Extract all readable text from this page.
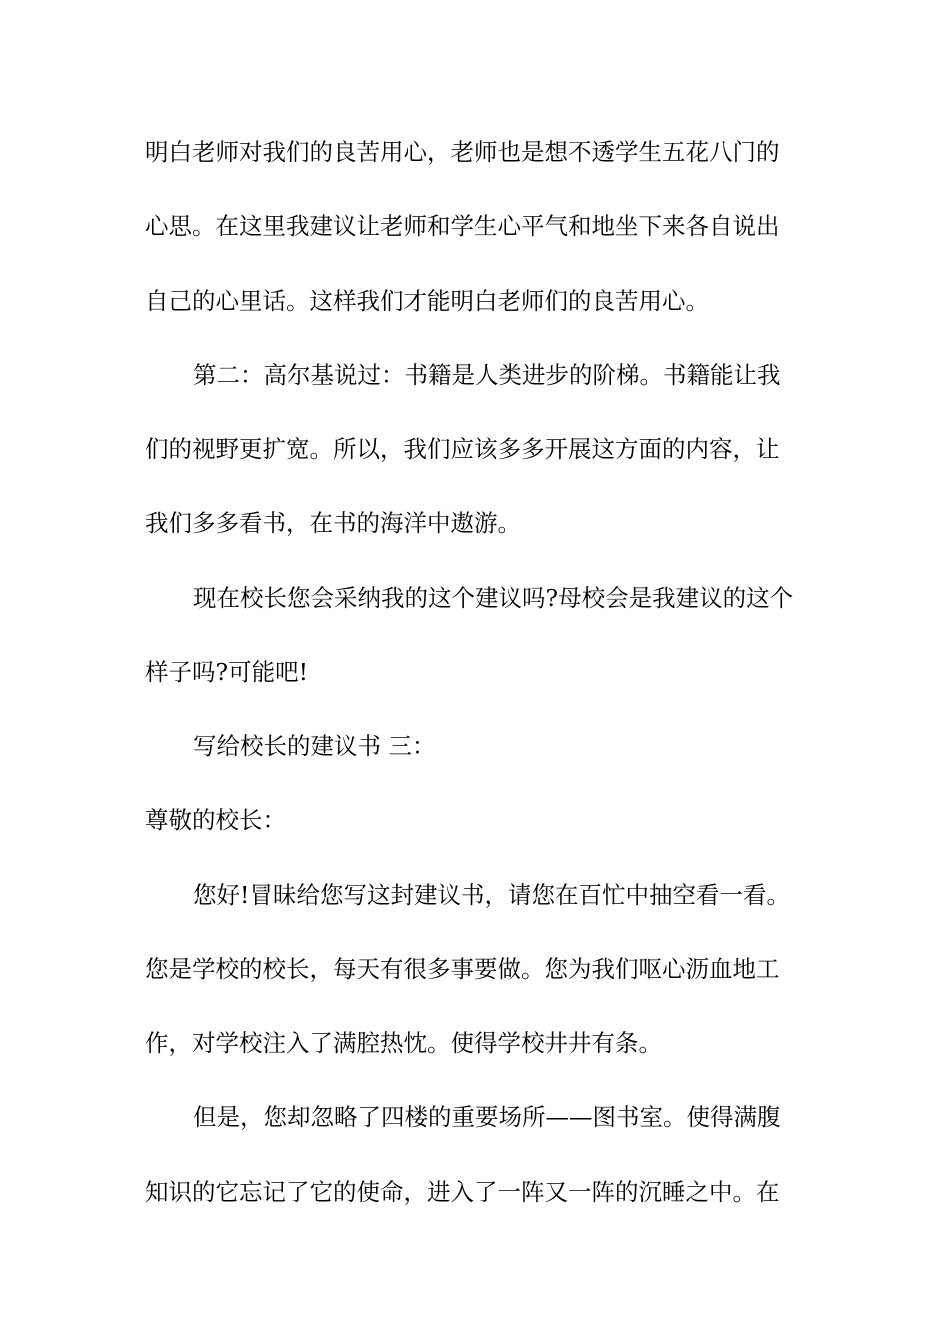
明白老师对我们的良苦用心，老师也是想不透学生五花八门的
心思。在这里我建议让老师和学生心平气和地坐下来各自说出
自己的心里话。这样我们才能明白老师们的良苦用心。
第二：高尔基说过：书籍是人类进步的阶梯。书籍能让我
们的视野更扩宽。所以，我们应该多多开展这方面的内容，让
我们多多看书，在书的海洋中遨游。
现在校长您会采纳我的这个建议吗?母校会是我建议的这个
样子吗?可能吧!
写给校长的建议书 三：
尊敬的校长：
您好!冒昧给您写这封建议书，请您在百忙中抽空看一看。
您是学校的校长，每天有很多事要做。您为我们呕心沥血地工
作，对学校注入了满腔热忱。使得学校井井有条。
但是，您却忽略了四楼的重要场所——图书室。使得满腹
知识的它忘记了它的使命，进入了一阵又一阵的沉睡之中。在
